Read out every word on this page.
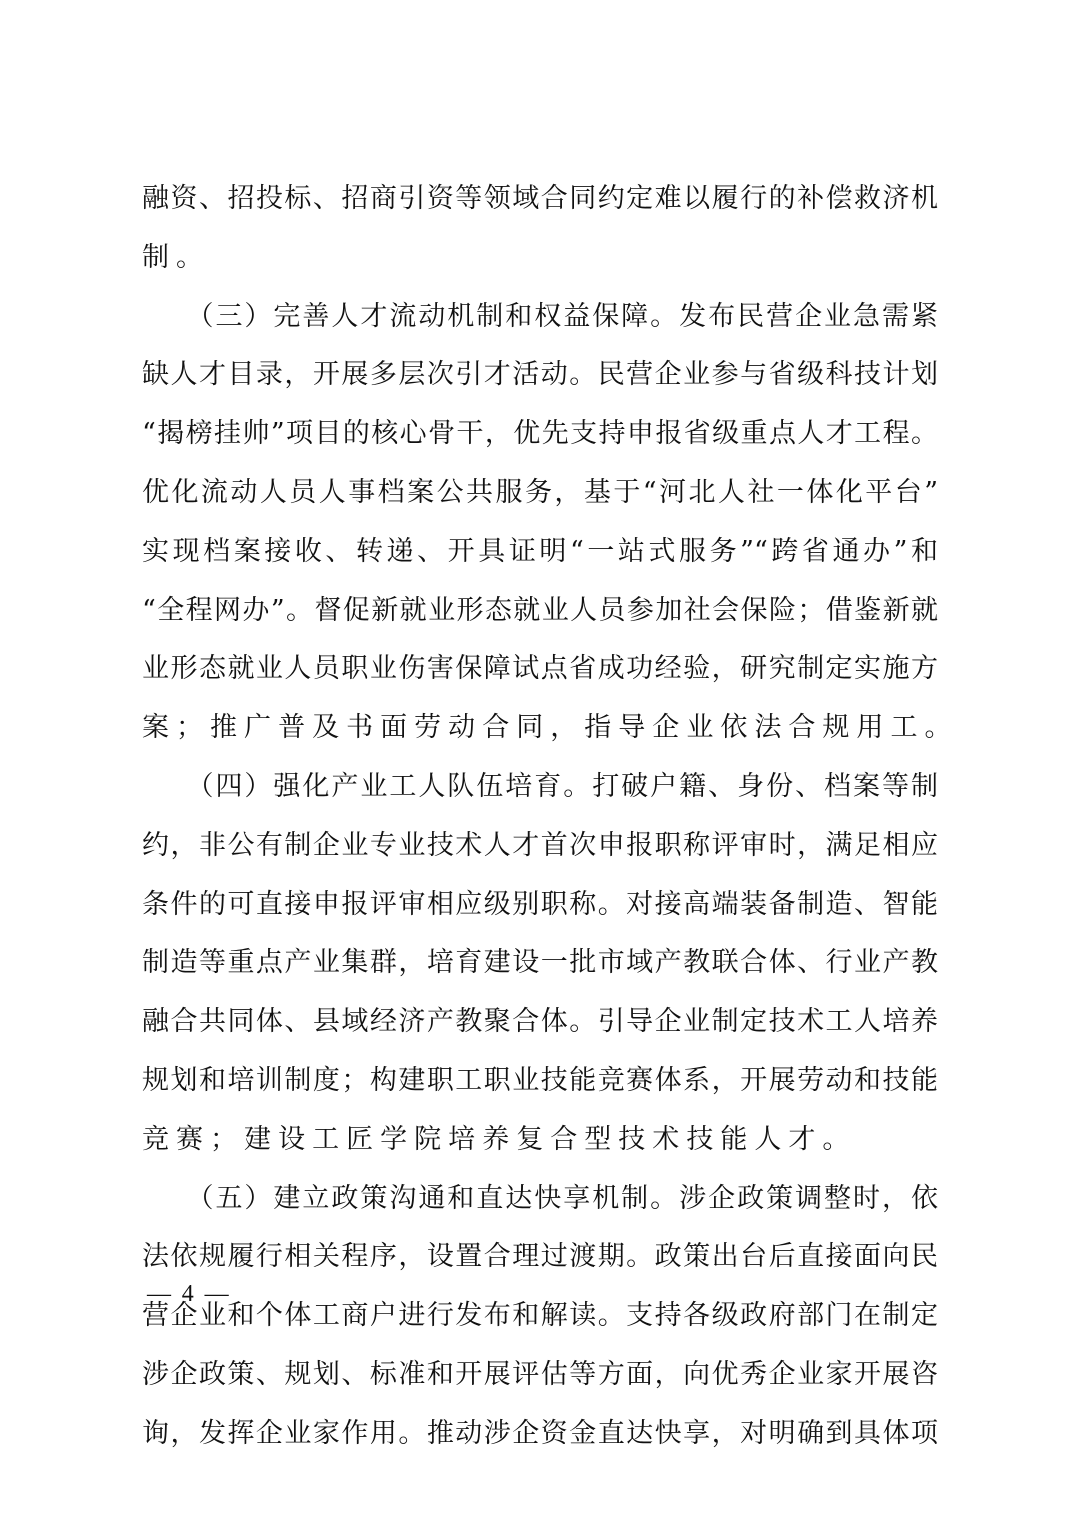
融资、招投标、招商引资等领域合同约定难以履行的补偿救济机
制。
　　（三）完善人才流动机制和权益保障。发布民营企业急需紧
缺人才目录，开展多层次引才活动。民营企业参与省级科技计划
“揭榜挂帅”项目的核心骨干，优先支持申报省级重点人才工程。
优化流动人员人事档案公共服务，基于“河北人社一体化平台”
实现档案接收、转递、开具证明“一站式服务”“跨省通办”和
“全程网办”。督促新就业形态就业人员参加社会保险；借鉴新就
业形态就业人员职业伤害保障试点省成功经验，研究制定实施方
案；推广普及书面劳动合同，指导企业依法合规用工。
　　（四）强化产业工人队伍培育。打破户籍、身份、档案等制
约，非公有制企业专业技术人才首次申报职称评审时，满足相应
条件的可直接申报评审相应级别职称。对接高端装备制造、智能
制造等重点产业集群，培育建设一批市域产教联合体、行业产教
融合共同体、县域经济产教聚合体。引导企业制定技术工人培养
规划和培训制度；构建职工职业技能竞赛体系，开展劳动和技能
竞赛；建设工匠学院培养复合型技术技能人才。
　　（五）建立政策沟通和直达快享机制。涉企政策调整时，依
法依规履行相关程序，设置合理过渡期。政策出台后直接面向民
营企业和个体工商户进行发布和解读。支持各级政府部门在制定
涉企政策、规划、标准和开展评估等方面，向优秀企业家开展咨
询，发挥企业家作用。推动涉企资金直达快享，对明确到具体项
— 4 —
